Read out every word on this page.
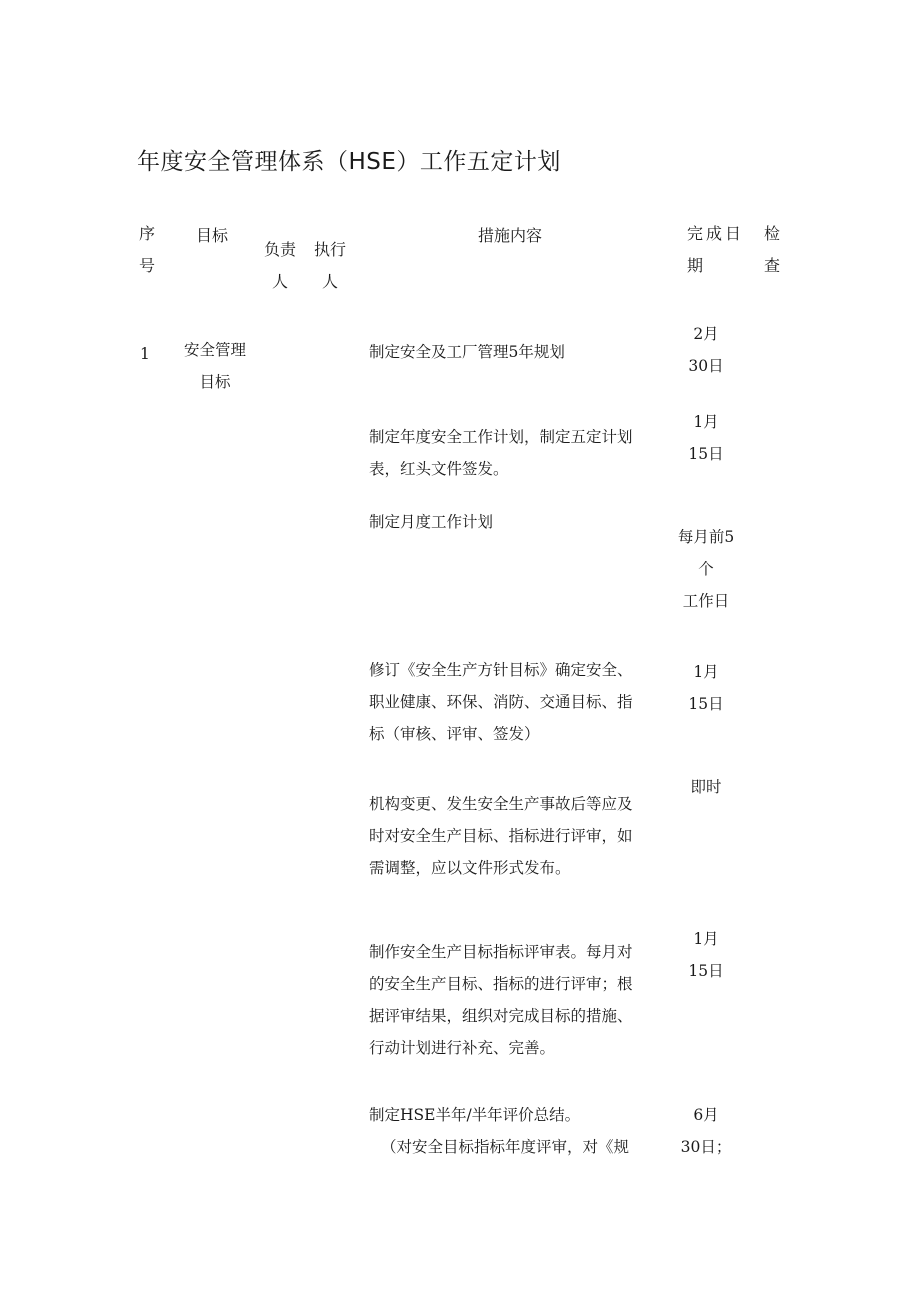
年度安全管理体系（HSE）工作五定计划
序
号
目标
负责
人
执行
人
措施内容	完成日
期
检
查
1	安全管理
目标
制定安全及工厂管理5年规划
2月
30日
制定年度安全工作计划，制定五定计划
表，红头文件签发。
1月
15日
制定月度工作计划
每月前5
个
工作日
修订《安全生产方针目标》确定安全、
职业健康、环保、消防、交通目标、指
标（审核、评审、签发）
1月
15日
机构变更、发生安全生产事故后等应及
时对安全生产目标、指标进行评审，如
需调整，应以文件形式发布。
即时
制作安全生产目标指标评审表。每月对
的安全生产目标、指标的进行评审；根
据评审结果，组织对完成目标的措施、
行动计划进行补充、完善。
1月
15日
制定HSE半年/半年评价总结。
（对安全目标指标年度评审，对《规
6月
30日；
